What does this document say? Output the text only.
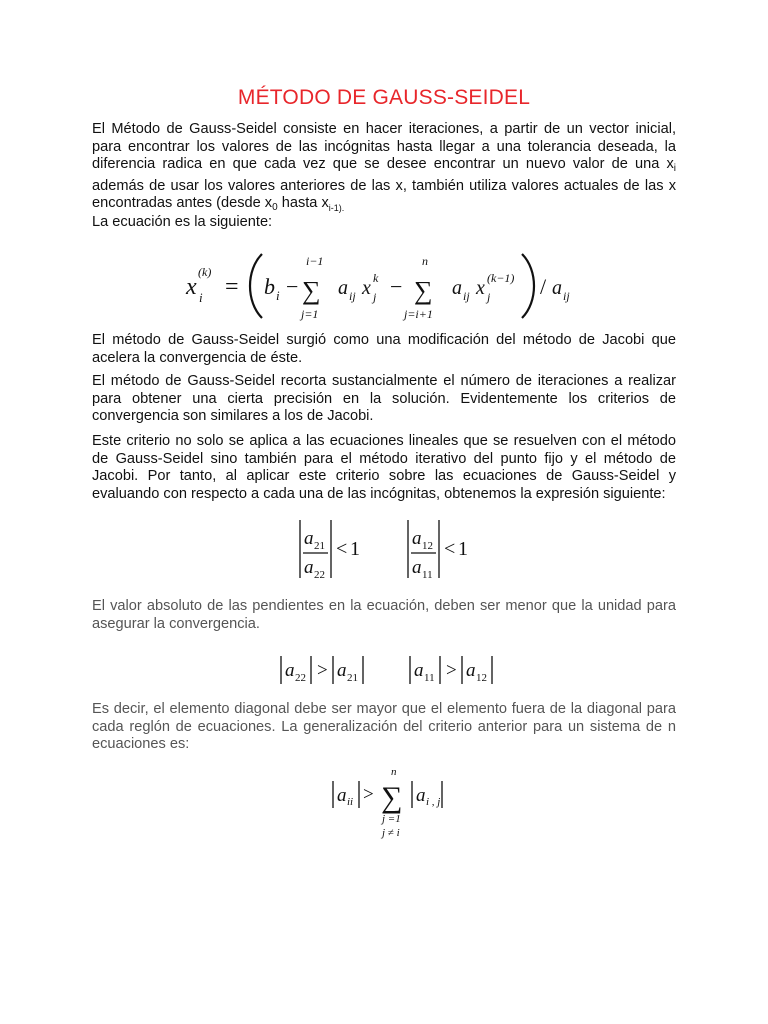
MÉTODO DE GAUSS-SEIDEL

El Método de Gauss-Seidel consiste en hacer iteraciones, a partir de un vector inicial, para encontrar los valores de las incógnitas hasta llegar a una tolerancia deseada, la diferencia radica en que cada vez que se desee encontrar un nuevo valor de una $x_i$ además de usar los valores anteriores de las x, también utiliza valores actuales de las x encontradas antes (desde $x_0$ hasta $x_{i-1).}$

La ecuación es la siguiente:

x
(k)
i = b i −
i−1
∑
j=1
a ij x k
j −
n
∑
j=i+1
a ij x (k−1)
j / a ij

El método de Gauss-Seidel surgió como una modificación del método de Jacobi que acelera la convergencia de éste.

El método de Gauss-Seidel recorta sustancialmente el número de iteraciones a realizar para obtener una cierta precisión en la solución. Evidentemente los criterios de convergencia son similares a los de Jacobi.

Este criterio no solo se aplica a las ecuaciones lineales que se resuelven con el método de Gauss-Seidel sino también para el método iterativo del punto fijo y el método de Jacobi. Por tanto, al aplicar este criterio sobre las ecuaciones de Gauss-Seidel y evaluando con respecto a cada una de las incógnitas, obtenemos la expresión siguiente:

a 21
a 22
< 1	a 12
a 11
< 1

El valor absoluto de las pendientes en la ecuación, deben ser menor que la unidad para asegurar la convergencia.

a 22 > a 21	a 11 > a 12

Es decir, el elemento diagonal debe ser mayor que el elemento fuera de la diagonal para cada reglón de ecuaciones. La generalización del criterio anterior para un sistema de n ecuaciones es:

a ii >
n
∑
j =1
j ≠ i
a i , j
